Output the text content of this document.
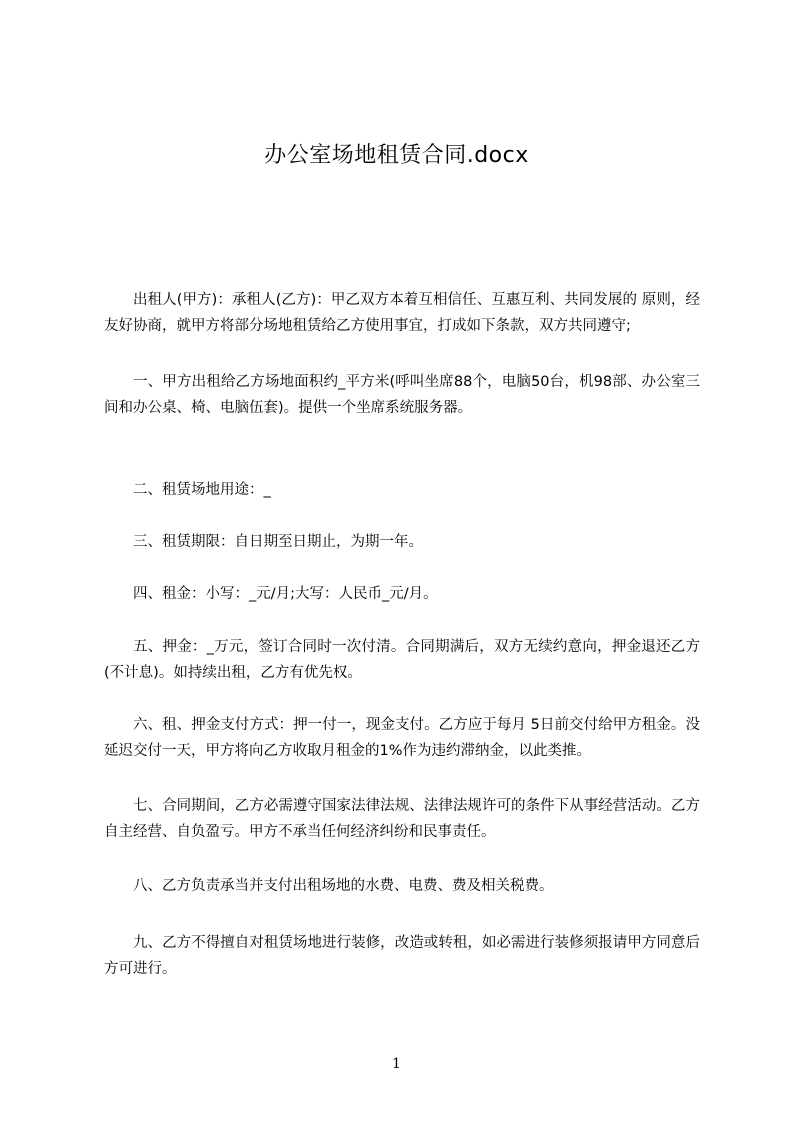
办公室场地租赁合同.docx

出租人(甲方)：承租人(乙方)：甲乙双方本着互相信任、互惠互利、共同发展的 原则，经友好协商，就甲方将部分场地租赁给乙方使用事宜，打成如下条款，双方共同遵守;

一、甲方出租给乙方场地面积约_平方米(呼叫坐席88个，电脑50台，机98部、办公室三间和办公桌、椅、电脑伍套)。提供一个坐席系统服务器。

二、租赁场地用途：_

三、租赁期限：自日期至日期止，为期一年。

四、租金：小写：_元/月;大写：人民币_元/月。

五、押金：_万元，签订合同时一次付清。合同期满后，双方无续约意向，押金退还乙方(不计息)。如持续出租，乙方有优先权。

六、租、押金支付方式：押一付一，现金支付。乙方应于每月 5日前交付给甲方租金。没延迟交付一天，甲方将向乙方收取月租金的1%作为违约滞纳金，以此类推。

七、合同期间，乙方必需遵守国家法律法规、法律法规许可的条件下从事经营活动。乙方自主经营、自负盈亏。甲方不承当任何经济纠纷和民事责任。

八、乙方负责承当并支付出租场地的水费、电费、费及相关税费。

九、乙方不得擅自对租赁场地进行装修，改造或转租，如必需进行装修须报请甲方同意后方可进行。

1
